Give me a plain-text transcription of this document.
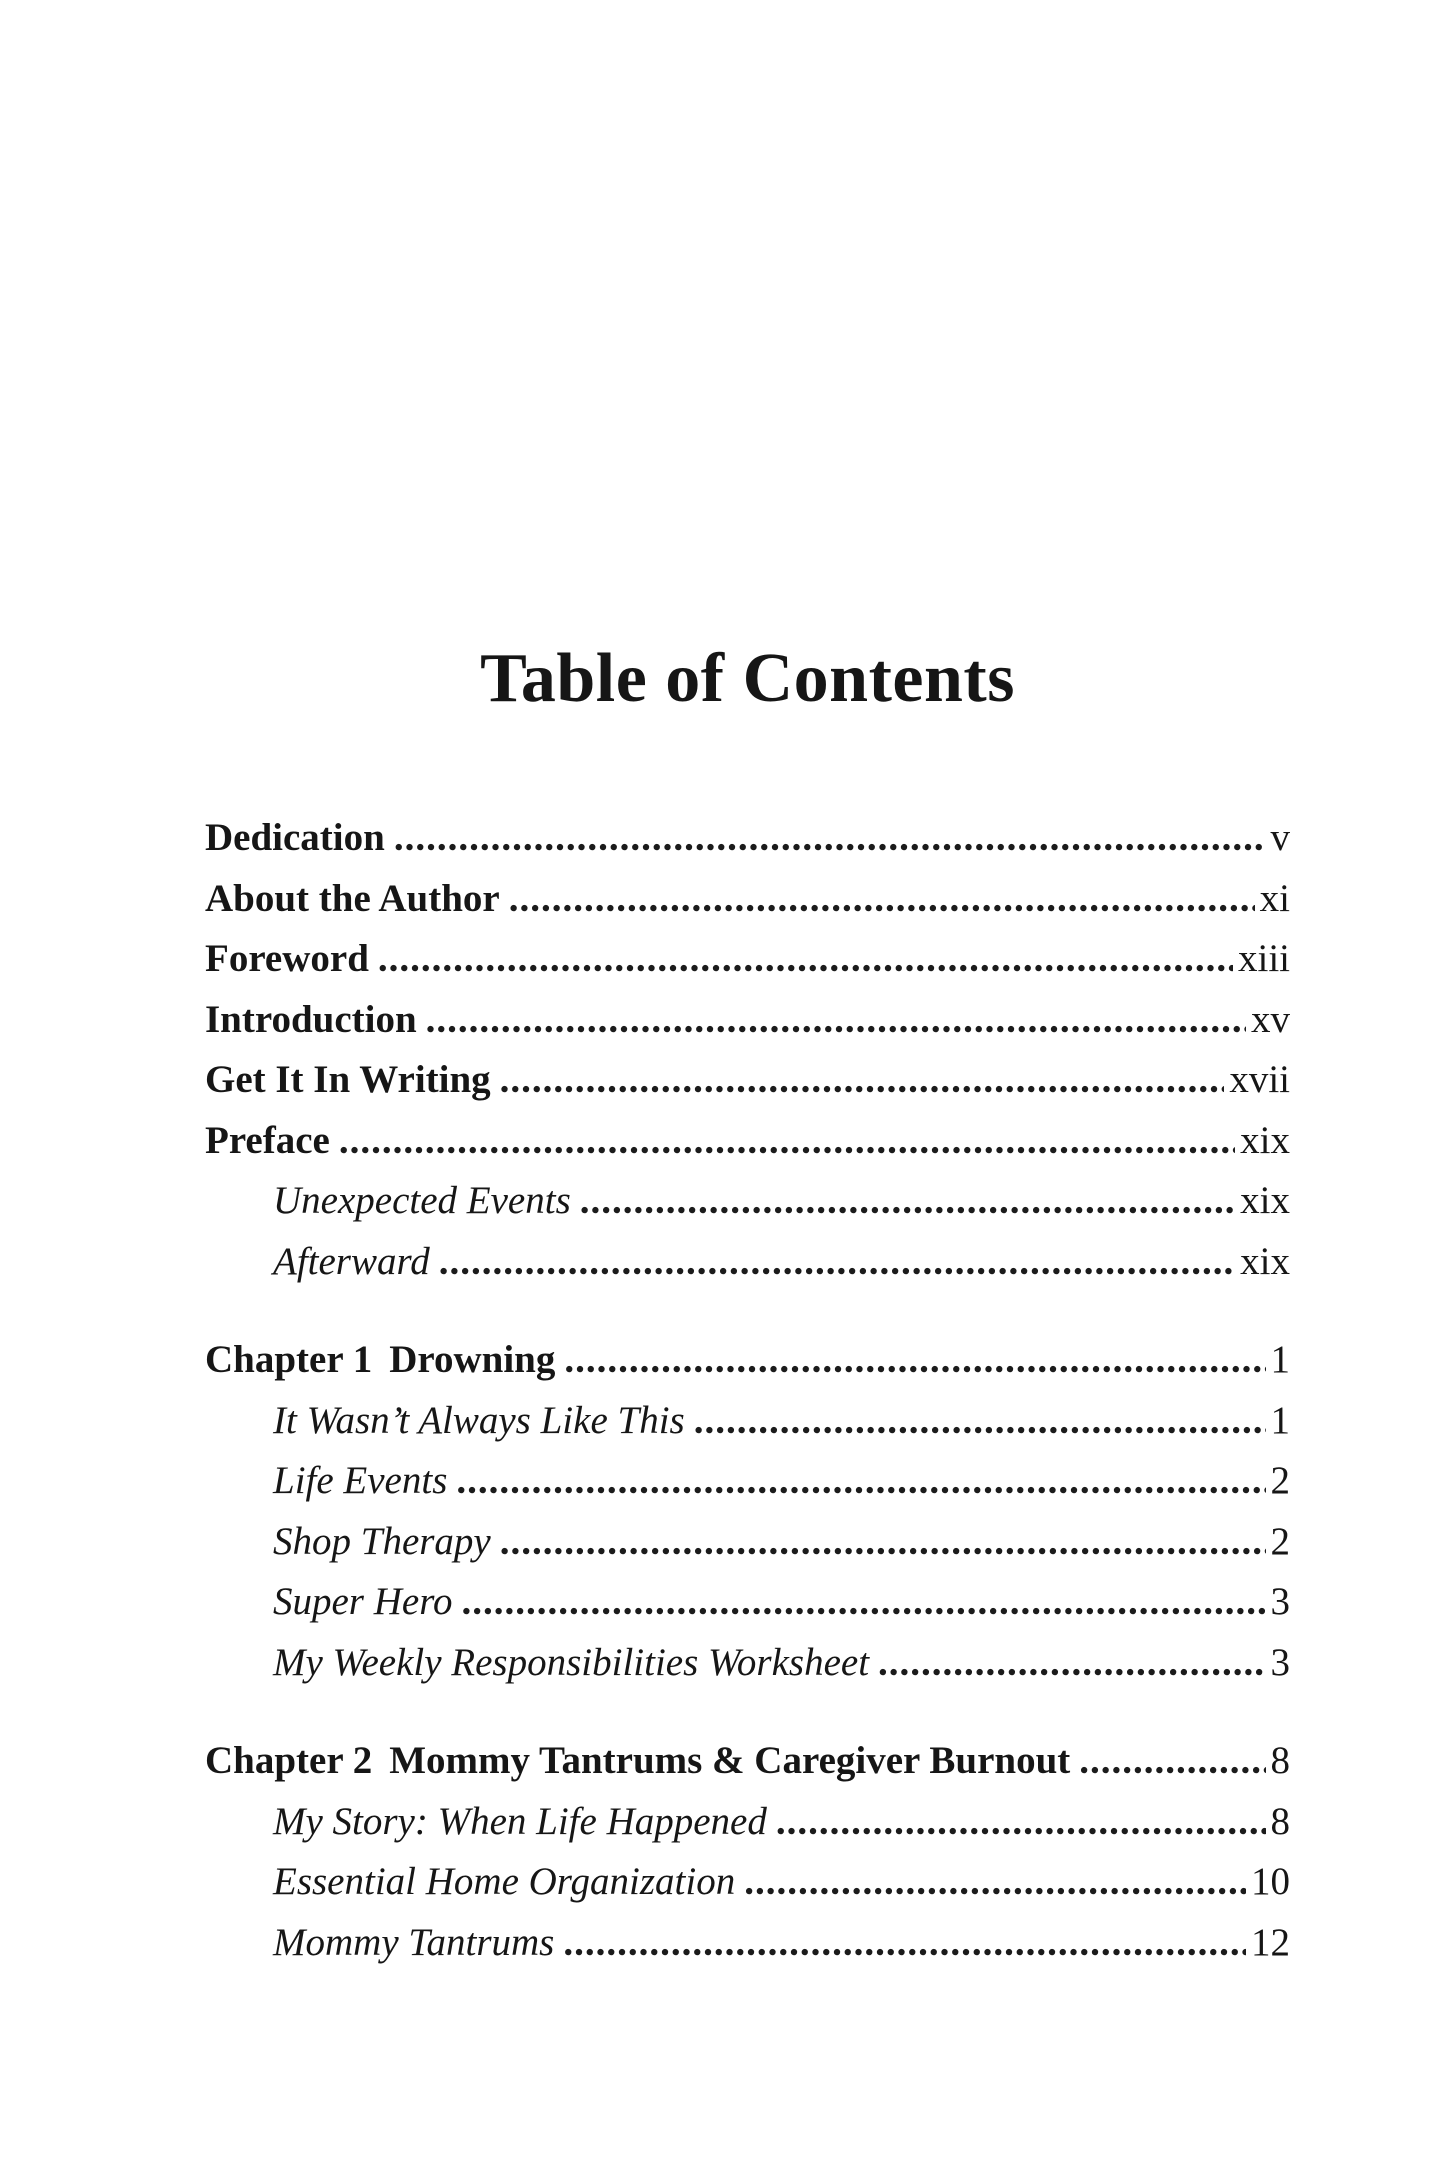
Table of Contents
Dedication .....	v
About the Author .....	xi
Foreword .....	xiii
Introduction .....	xv
Get It In Writing .....	xvii
Preface .....	xix
Unexpected Events .....	xix
Afterward .....	xix
Chapter 1 Drowning .....	1
It Wasn’t Always Like This .....	1
Life Events .....	2
Shop Therapy .....	2
Super Hero .....	3
My Weekly Responsibilities Worksheet .....	3
Chapter 2 Mommy Tantrums & Caregiver Burnout .....	8
My Story: When Life Happened .....	8
Essential Home Organization .....	10
Mommy Tantrums .....	12
